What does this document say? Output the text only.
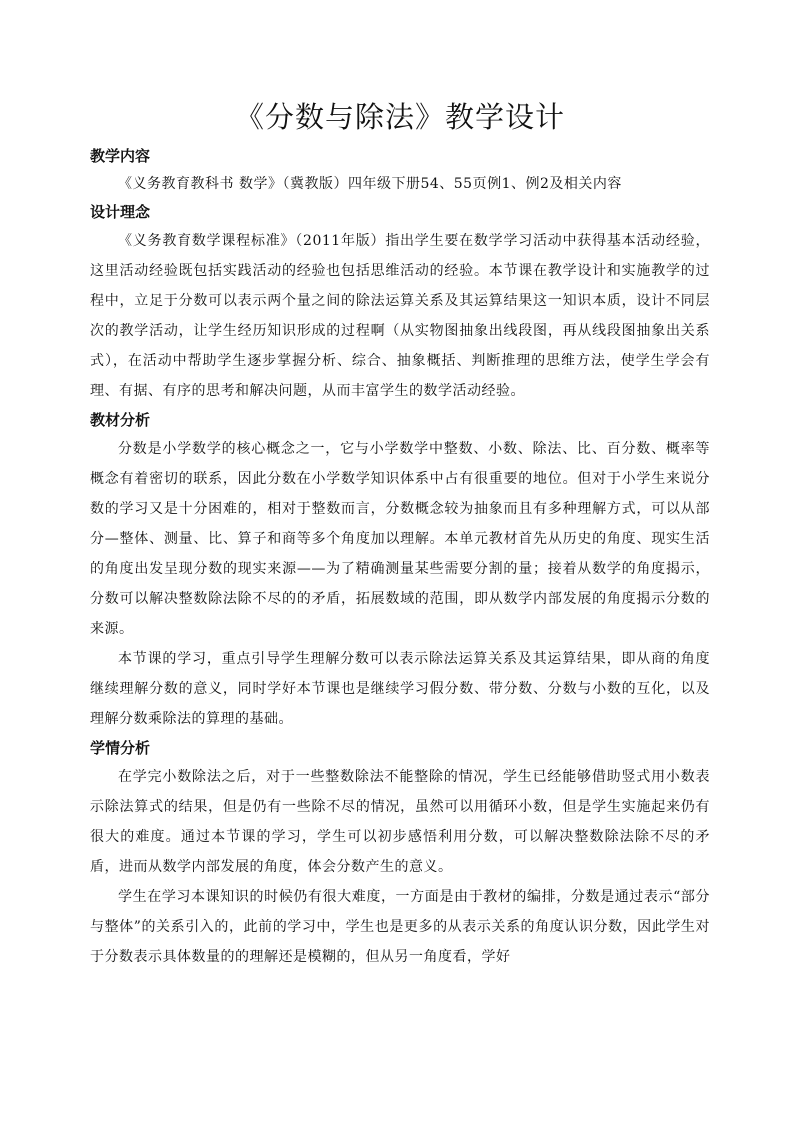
《分数与除法》教学设计
教学内容

《义务教育教科书 数学》（冀教版）四年级下册54、55页例1、例2及相关内容

设计理念

《义务教育数学课程标准》（2011年版）指出学生要在数学学习活动中获得基本活动经验，这里活动经验既包括实践活动的经验也包括思维活动的经验。本节课在教学设计和实施教学的过程中，立足于分数可以表示两个量之间的除法运算关系及其运算结果这一知识本质，设计不同层次的教学活动，让学生经历知识形成的过程啊（从实物图抽象出线段图，再从线段图抽象出关系式），在活动中帮助学生逐步掌握分析、综合、抽象概括、判断推理的思维方法，使学生学会有理、有据、有序的思考和解决问题，从而丰富学生的数学活动经验。

教材分析

分数是小学数学的核心概念之一，它与小学数学中整数、小数、除法、比、百分数、概率等概念有着密切的联系，因此分数在小学数学知识体系中占有很重要的地位。但对于小学生来说分数的学习又是十分困难的，相对于整数而言，分数概念较为抽象而且有多种理解方式，可以从部分—整体、测量、比、算子和商等多个角度加以理解。本单元教材首先从历史的角度、现实生活的角度出发呈现分数的现实来源——为了精确测量某些需要分割的量；接着从数学的角度揭示，分数可以解决整数除法除不尽的的矛盾，拓展数域的范围，即从数学内部发展的角度揭示分数的来源。

本节课的学习，重点引导学生理解分数可以表示除法运算关系及其运算结果，即从商的角度继续理解分数的意义，同时学好本节课也是继续学习假分数、带分数、分数与小数的互化，以及理解分数乘除法的算理的基础。

学情分析

在学完小数除法之后，对于一些整数除法不能整除的情况，学生已经能够借助竖式用小数表示除法算式的结果，但是仍有一些除不尽的情况，虽然可以用循环小数，但是学生实施起来仍有很大的难度。通过本节课的学习，学生可以初步感悟利用分数，可以解决整数除法除不尽的矛盾，进而从数学内部发展的角度，体会分数产生的意义。

学生在学习本课知识的时候仍有很大难度，一方面是由于教材的编排，分数是通过表示“部分与整体”的关系引入的，此前的学习中，学生也是更多的从表示关系的角度认识分数，因此学生对于分数表示具体数量的的理解还是模糊的，但从另一角度看，学好
